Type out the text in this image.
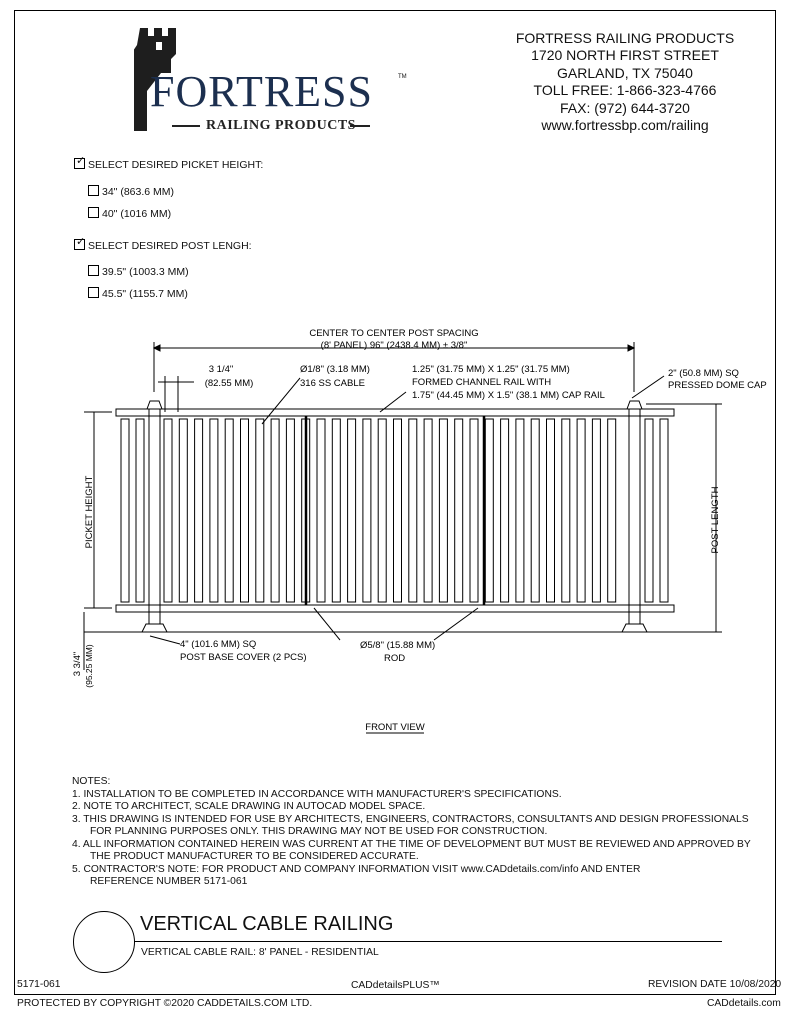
FORTRESS	TM
RAILING PRODUCTS
FORTRESS RAILING PRODUCTS
1720 NORTH FIRST STREET
GARLAND, TX 75040
TOLL FREE: 1-866-323-4766
FAX: (972) 644-3720
www.fortressbp.com/railing
✓SELECT DESIRED PICKET HEIGHT:
34" (863.6 MM)
40" (1016 MM)
✓SELECT DESIRED POST LENGH:
39.5" (1003.3 MM)
45.5" (1155.7 MM)
CENTER TO CENTER POST SPACING
(8' PANEL) 96" (2438.4 MM) ± 3/8"
3 1/4"
(82.55 MM)
Ø1/8" (3.18 MM)
316 SS CABLE
1.25" (31.75 MM) X 1.25" (31.75 MM)
FORMED CHANNEL RAIL WITH
1.75" (44.45 MM) X 1.5" (38.1 MM) CAP RAIL
2" (50.8 MM) SQ
PRESSED DOME CAP
PICKET HEIGHT	POST LENGTH
4" (101.6 MM) SQ
POST BASE COVER (2 PCS)
Ø5/8" (15.88 MM)
ROD
3 3/4" (95.25 MM)
FRONT VIEW
NOTES:
1. INSTALLATION TO BE COMPLETED IN ACCORDANCE WITH MANUFACTURER'S SPECIFICATIONS.
2. NOTE TO ARCHITECT, SCALE DRAWING IN AUTOCAD MODEL SPACE.
3. THIS DRAWING IS INTENDED FOR USE BY ARCHITECTS, ENGINEERS, CONTRACTORS, CONSULTANTS AND DESIGN PROFESSIONALS
FOR PLANNING PURPOSES ONLY. THIS DRAWING MAY NOT BE USED FOR CONSTRUCTION.
4. ALL INFORMATION CONTAINED HEREIN WAS CURRENT AT THE TIME OF DEVELOPMENT BUT MUST BE REVIEWED AND APPROVED BY
THE PRODUCT MANUFACTURER TO BE CONSIDERED ACCURATE.
5. CONTRACTOR'S NOTE: FOR PRODUCT AND COMPANY INFORMATION VISIT www.CADdetails.com/info AND ENTER
REFERENCE NUMBER 5171-061
VERTICAL CABLE RAILING
VERTICAL CABLE RAIL: 8' PANEL - RESIDENTIAL
5171-061	CADdetailsPLUS™	REVISION DATE 10/08/2020
PROTECTED BY COPYRIGHT ©2020 CADDETAILS.COM LTD.	CADdetails.com
